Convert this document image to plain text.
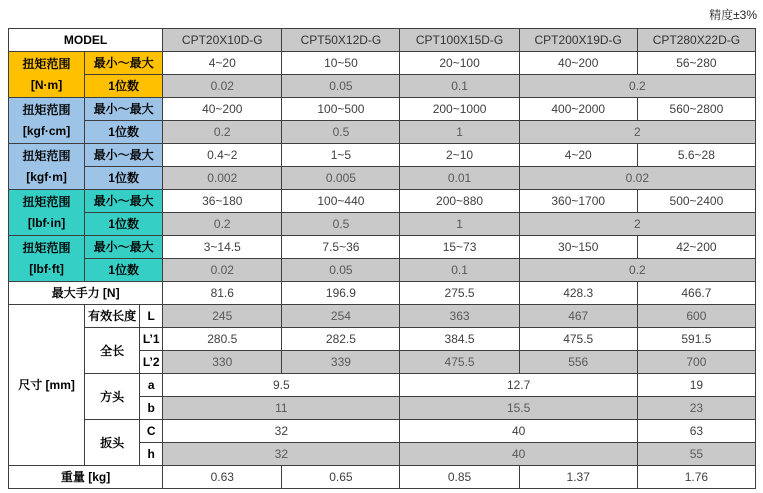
精度±3%
MODEL			CPT20X10D-G	CPT50X12D-G	CPT100X15D-G	CPT200X19D-G	CPT280X22D-G

扭矩范围
[N·m]	最小～最大		4~20	10~50	20~100	40~200	56~280
	1位数		0.02	0.05	0.1	0.2	

扭矩范围
[kgf·cm]	最小～最大		40~200	100~500	200~1000	400~2000	560~2800
	1位数		0.2	0.5	1	2	

扭矩范围
[kgf·m]	最小～最大		0.4~2	1~5	2~10	4~20	5.6~28
	1位数		0.002	0.005	0.01	0.02	

扭矩范围
[lbf·in]	最小～最大		36~180	100~440	200~880	360~1700	500~2400
	1位数		0.2	0.5	1	2	

扭矩范围
[lbf·ft]	最小～最大		3~14.5	7.5~36	15~73	30~150	42~200
	1位数		0.02	0.05	0.1	0.2	
最大手力 [N]			81.6	196.9	275.5	428.3	466.7
尺寸 [mm]	有效长度	L	245	254	363	467	600
	全长	L’1	280.5	282.5	384.5	475.5	591.5
		L’2	330	339	475.5	556	700
	方头	a	9.5		12.7		19
		b	11		15.5		23
	扳头	C	32		40		63
		h	32		40		55
重量 [kg]			0.63	0.65	0.85	1.37	1.76
